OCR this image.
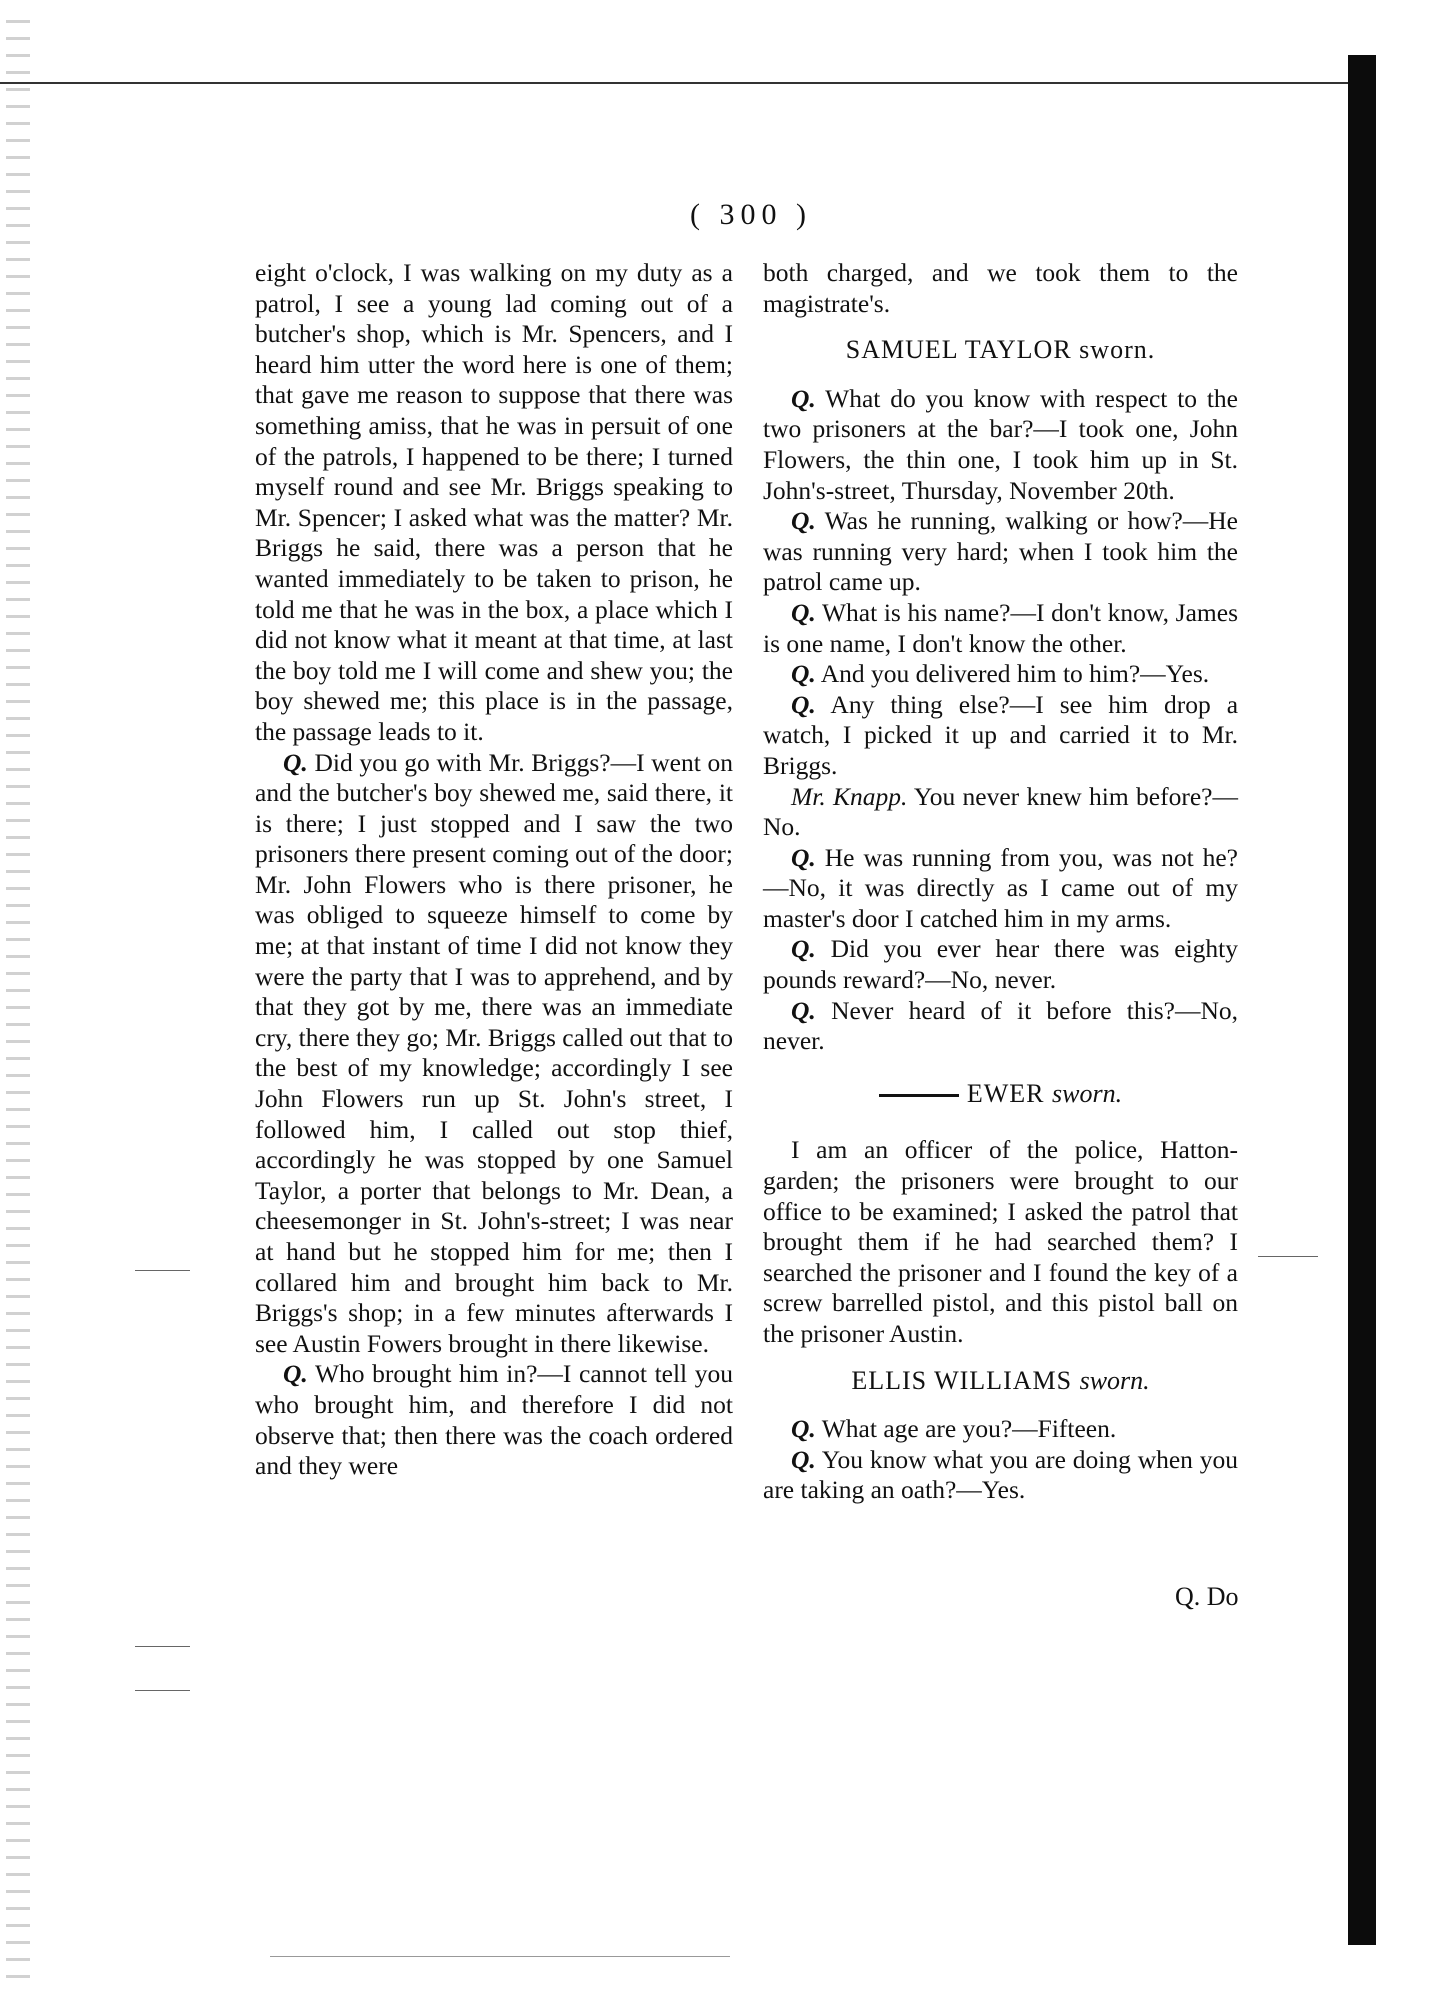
( 300 )

eight o'clock, I was walking on my duty as a patrol, I see a young lad coming out of a butcher's shop, which is Mr. Spencers, and I heard him utter the word here is one of them; that gave me reason to suppose that there was something amiss, that he was in persuit of one of the patrols, I happened to be there; I turned myself round and see Mr. Briggs speaking to Mr. Spencer; I asked what was the matter? Mr. Briggs he said, there was a person that he wanted immediately to be taken to prison, he told me that he was in the box, a place which I did not know what it meant at that time, at last the boy told me I will come and shew you; the boy shewed me; this place is in the passage, the passage leads to it.

Q. Did you go with Mr. Briggs?—I went on and the butcher's boy shewed me, said there, it is there; I just stopped and I saw the two prisoners there present coming out of the door; Mr. John Flowers who is there prisoner, he was obliged to squeeze himself to come by me; at that instant of time I did not know they were the party that I was to apprehend, and by that they got by me, there was an immediate cry, there they go; Mr. Briggs called out that to the best of my knowledge; accordingly I see John Flowers run up St. John's street, I followed him, I called out stop thief, accordingly he was stopped by one Samuel Taylor, a porter that belongs to Mr. Dean, a cheesemonger in St. John's-street; I was near at hand but he stopped him for me; then I collared him and brought him back to Mr. Briggs's shop; in a few minutes afterwards I see Austin Fowers brought in there likewise.

Q. Who brought him in?—I cannot tell you who brought him, and therefore I did not observe that; then there was the coach ordered and they were

both charged, and we took them to the magistrate's.

SAMUEL TAYLOR sworn.

Q. What do you know with respect to the two prisoners at the bar?—I took one, John Flowers, the thin one, I took him up in St. John's-street, Thursday, November 20th.

Q. Was he running, walking or how?—He was running very hard; when I took him the patrol came up.

Q. What is his name?—I don't know, James is one name, I don't know the other.

Q. And you delivered him to him?—Yes.

Q. Any thing else?—I see him drop a watch, I picked it up and carried it to Mr. Briggs.

Mr. Knapp. You never knew him before?—No.

Q. He was running from you, was not he?—No, it was directly as I came out of my master's door I catched him in my arms.

Q. Did you ever hear there was eighty pounds reward?—No, never.

Q. Never heard of it before this?—No, never.

EWER sworn.

I am an officer of the police, Hatton-garden; the prisoners were brought to our office to be examined; I asked the patrol that brought them if he had searched them? I searched the prisoner and I found the key of a screw barrelled pistol, and this pistol ball on the prisoner Austin.

ELLIS WILLIAMS sworn.

Q. What age are you?—Fifteen.

Q. You know what you are doing when you are taking an oath?—Yes.

Q. Do
